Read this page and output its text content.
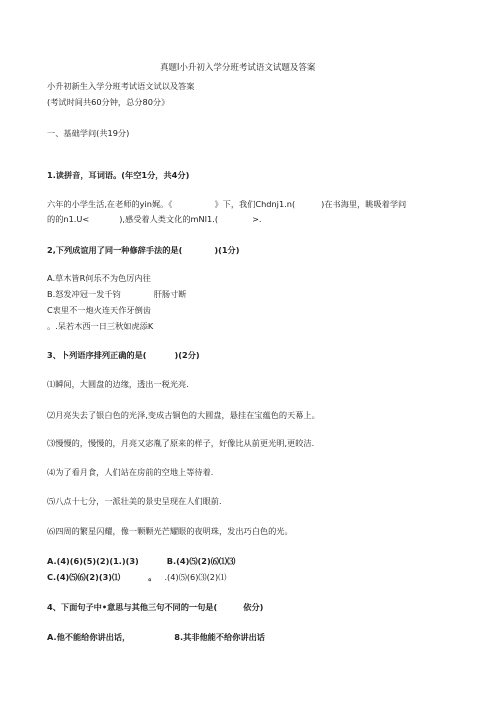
真题l小升初入学分班考试语文试题及答案
小升初新生入学分班考试语文试以及答案
(考试时间共60分钟，总分80分》
一、基础学问(共19分)
1.读拼音，耳词语。(年空1分，共4分)
六年的小学生活,在老师的yin娓。《	》下，我们Chdnj1.n(	)在书海里，眺吸着学问
的的n1.U<	),感受着人类文化的mNI1.(	>.
2,下列成谊用了同一种修辞手法的是(	)(1分)
A.草木皆R何乐不为色厉内往
B.怒发冲冠一发千钧	肝肠寸断
C衷里不一炮火连天作牙倒齿
。.呆若木西一日三秋如虎添K
3、卜列语序排列正确的是(	)(2分)
⑴瞬间，大圆盘的边缘，透出一税光亮.
⑵月亮失去了银白色的光泽,变成古铜色的大圆盘，悬挂在宝蕴色的天幕上。
⑶慢慢的，慢慢的，月亮又宓胤了原来的样子，好像比从前更光明,更皎洁.
⑷为了看月食，人们站在房前的空地上等待着.
⑸八点十七分，一派壮美的景史呈现在人们眼前.
⑹四周的繁星闪耀，像一颗颗光芒耀眼的夜明珠，发出巧白色的光。
A.(4)(6)(5)(2)(1.)(3)	B.(4)⑸(2)⑹⑴⑶
C.(4)⑸⑹(2)(3)⑴	。 .(4)⑸(6)⑶(2)⑴
4、下面句子中•意思与其他三句不同的一句是(	依分)
A.他不能给你讲出话，	8.其非他能不给你讲出话
